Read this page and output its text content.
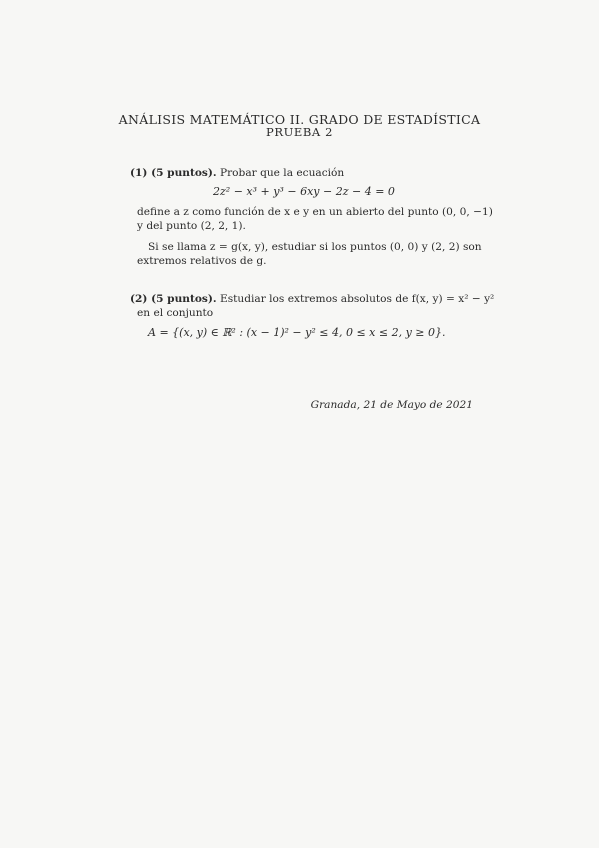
ANÁLISIS MATEMÁTICO II. GRADO DE ESTADÍSTICA
PRUEBA 2
(1) (5 puntos). Probar que la ecuación
2z² − x³ + y³ − 6xy − 2z − 4 = 0
define a z como función de x e y en un abierto del punto (0, 0, −1)
y del punto (2, 2, 1).
Si se llama z = g(x, y), estudiar si los puntos (0, 0) y (2, 2) son
extremos relativos de g.
(2) (5 puntos). Estudiar los extremos absolutos de f(x, y) = x² − y²
en el conjunto
A = {(x, y) ∈ ℝ² : (x − 1)² − y² ≤ 4, 0 ≤ x ≤ 2, y ≥ 0}.
Granada, 21 de Mayo de 2021
